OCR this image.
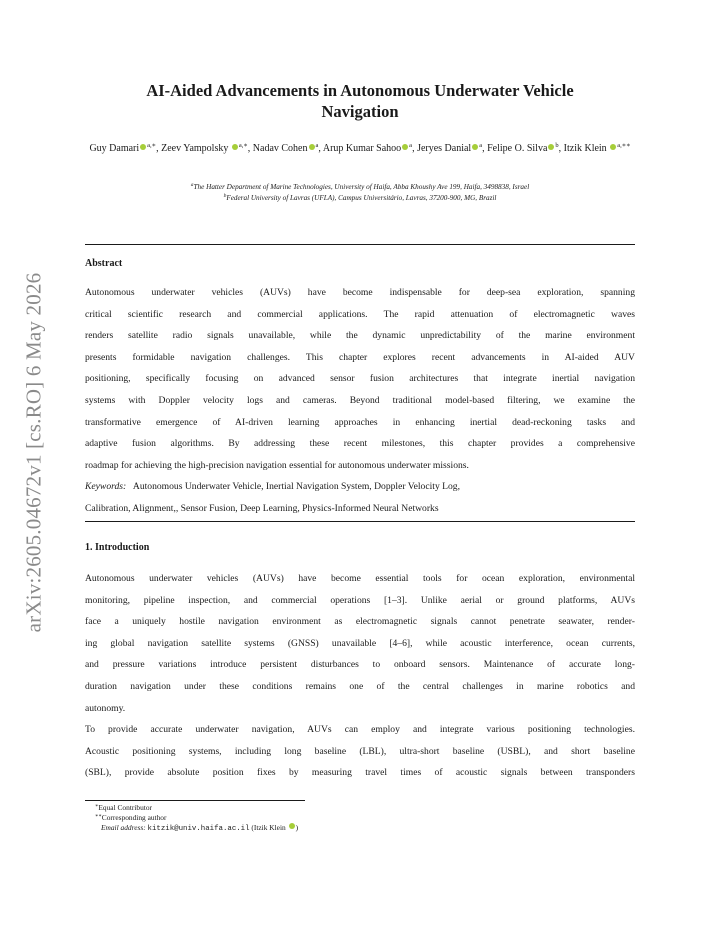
arXiv:2605.04672v1 [cs.RO] 6 May 2026
AI-Aided Advancements in Autonomous Underwater Vehicle
Navigation
Guy Damari $^{a,∗}$, Zeev Yampolsky $^{a,∗}$, Nadav Cohen $^a$, Arup Kumar Sahoo $^a$, Jeryes Danial $^a$, Felipe O. Silva $^b$, Itzik Klein $^{a,∗∗}$
$^a$The Hatter Department of Marine Technologies, University of Haifa, Abba Khoushy Ave 199, Haifa, 3498838, Israel
$^b$Federal University of Lavras (UFLA), Campus Universitário, Lavras, 37200-900, MG, Brazil
Abstract
Autonomous underwater vehicles (AUVs) have become indispensable for deep-sea exploration, spanning
critical scientific research and commercial applications. The rapid attenuation of electromagnetic waves
renders satellite radio signals unavailable, while the dynamic unpredictability of the marine environment
presents formidable navigation challenges. This chapter explores recent advancements in AI-aided AUV
positioning, specifically focusing on advanced sensor fusion architectures that integrate inertial navigation
systems with Doppler velocity logs and cameras. Beyond traditional model-based filtering, we examine the
transformative emergence of AI-driven learning approaches in enhancing inertial dead-reckoning tasks and
adaptive fusion algorithms. By addressing these recent milestones, this chapter provides a comprehensive
roadmap for achieving the high-precision navigation essential for autonomous underwater missions.
Keywords: Autonomous Underwater Vehicle, Inertial Navigation System, Doppler Velocity Log,
Calibration, Alignment,, Sensor Fusion, Deep Learning, Physics-Informed Neural Networks
1. Introduction
Autonomous underwater vehicles (AUVs) have become essential tools for ocean exploration, environmental
monitoring, pipeline inspection, and commercial operations [1–3]. Unlike aerial or ground platforms, AUVs
face a uniquely hostile navigation environment as electromagnetic signals cannot penetrate seawater, render-
ing global navigation satellite systems (GNSS) unavailable [4–6], while acoustic interference, ocean currents,
and pressure variations introduce persistent disturbances to onboard sensors. Maintenance of accurate long-
duration navigation under these conditions remains one of the central challenges in marine robotics and
autonomy.
To provide accurate underwater navigation, AUVs can employ and integrate various positioning technologies.
Acoustic positioning systems, including long baseline (LBL), ultra-short baseline (USBL), and short baseline
(SBL), provide absolute position fixes by measuring travel times of acoustic signals between transponders
∗Equal Contributor
∗∗Corresponding author
Email address: kitzik@univ.haifa.ac.il (Itzik Klein )
